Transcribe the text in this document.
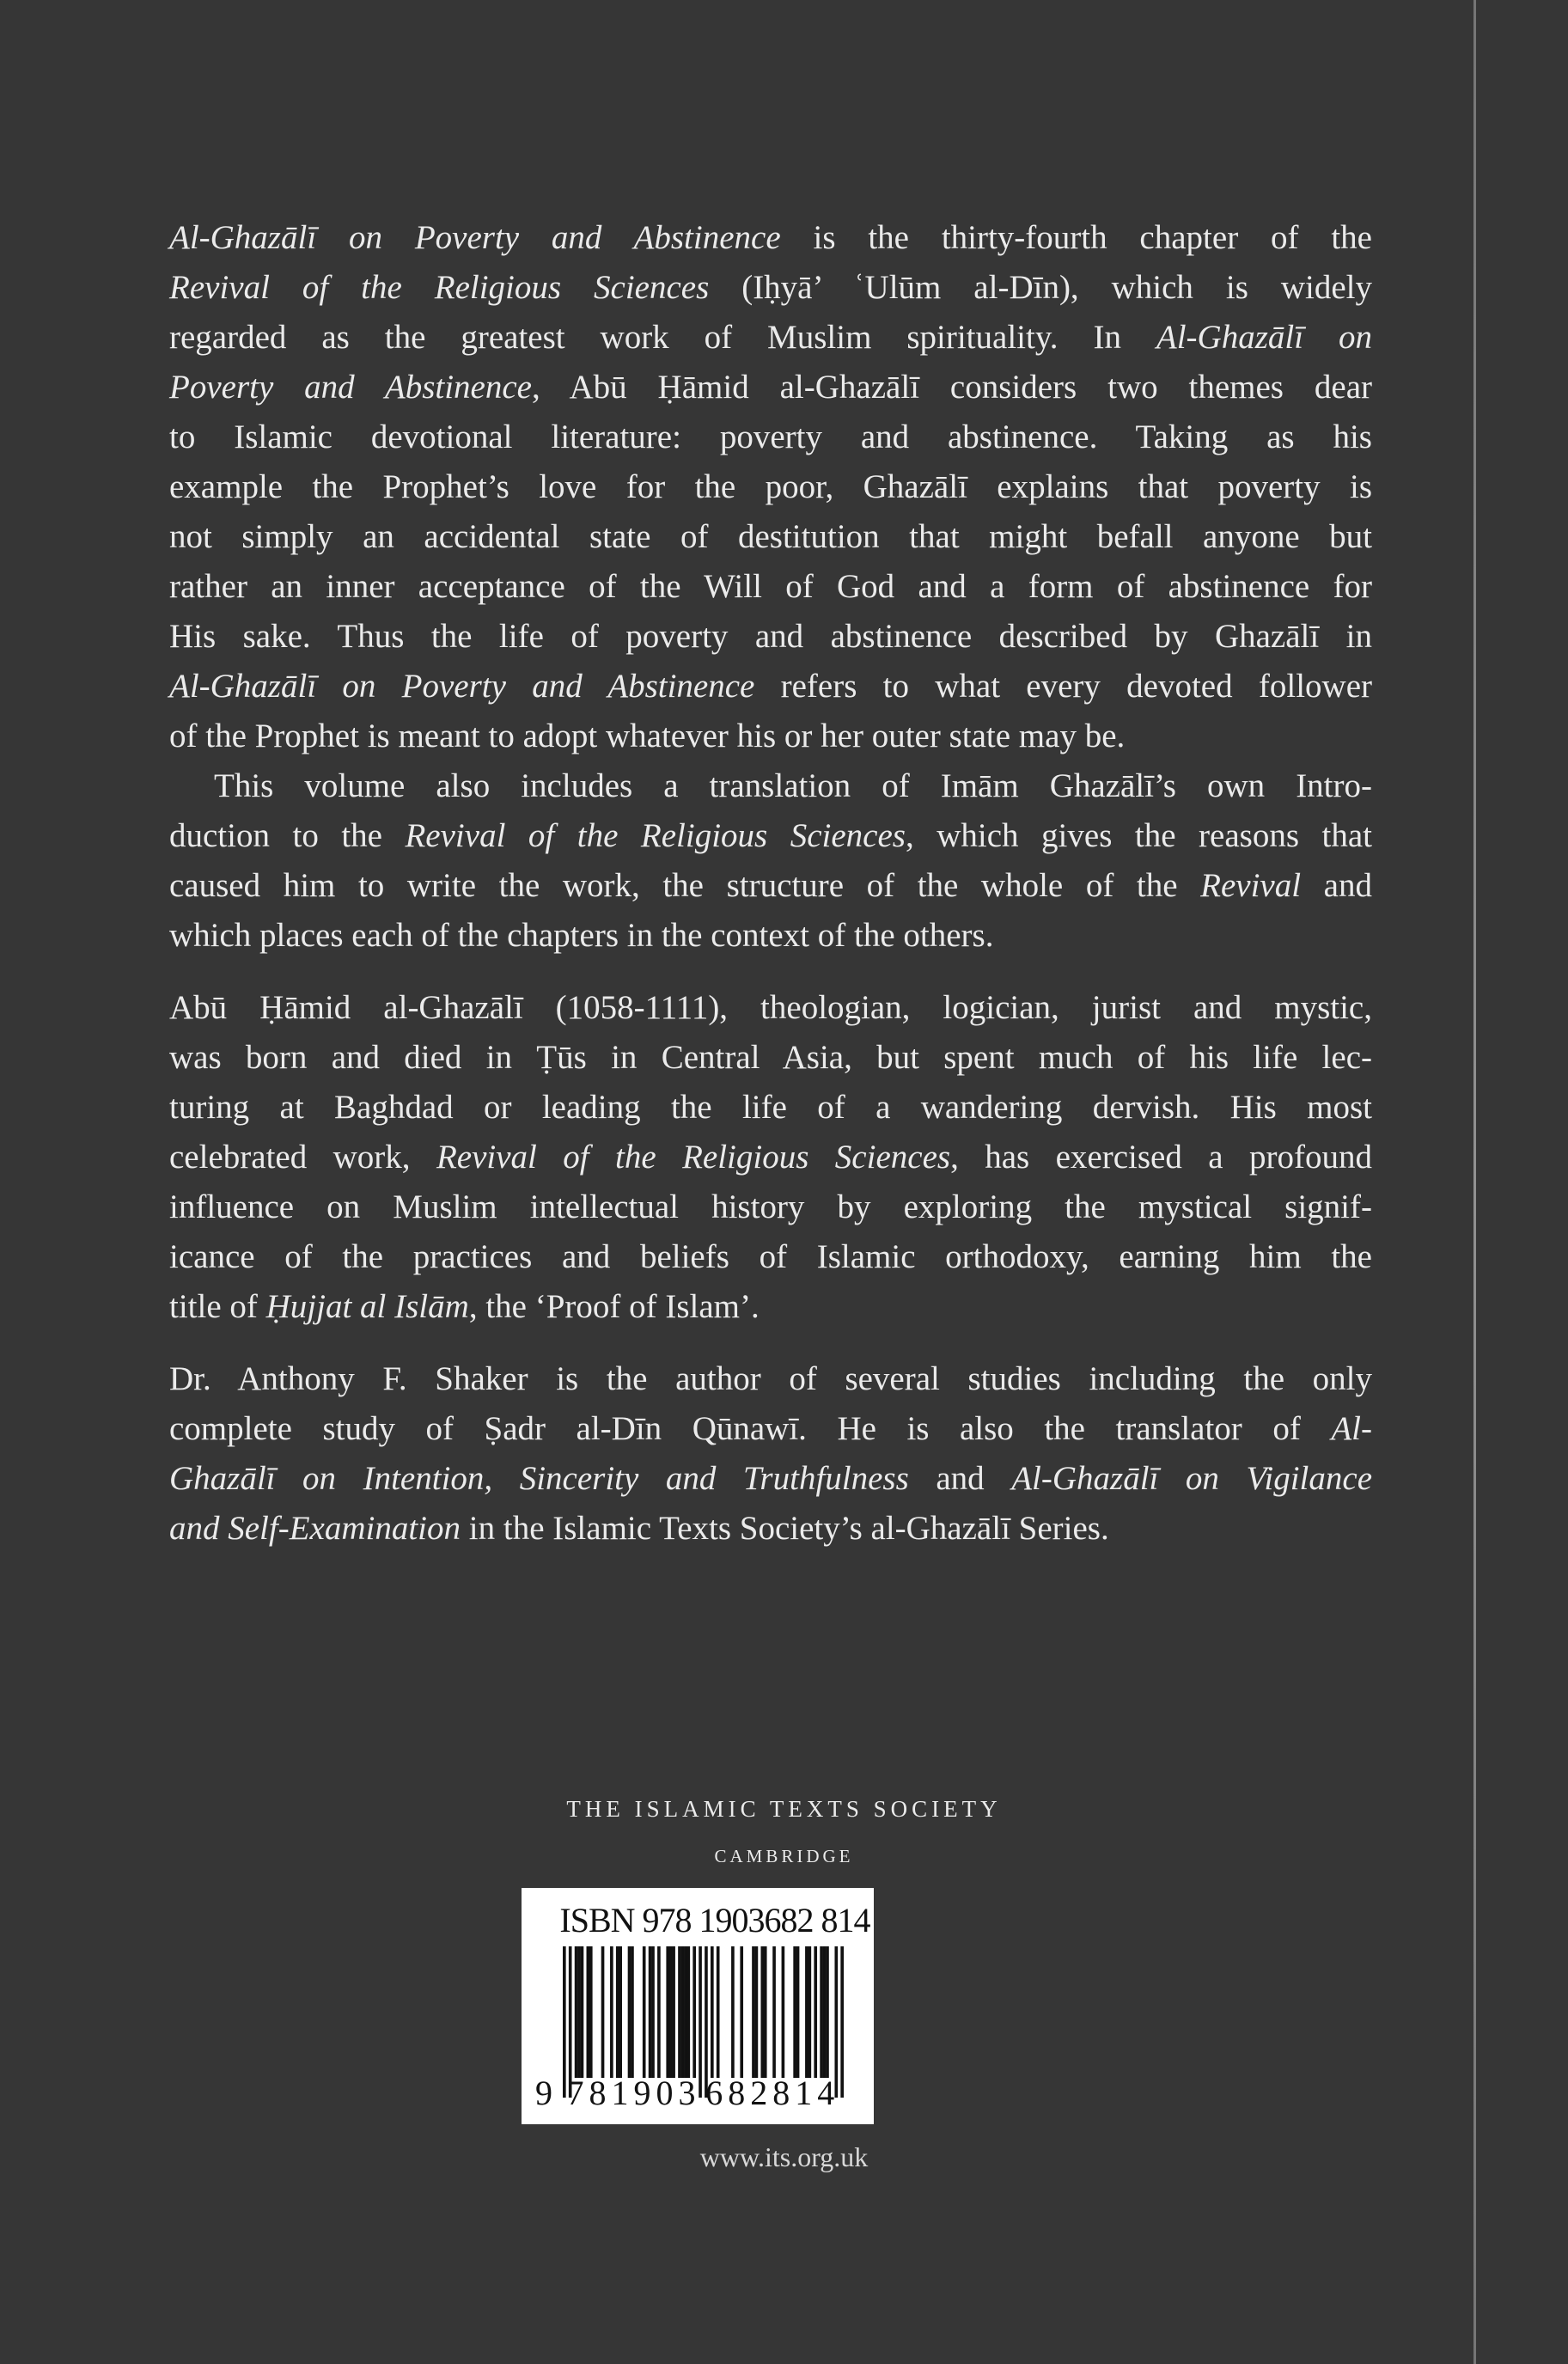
Al-Ghazālī on Poverty and Abstinence is the thirty-fourth chapter of the
Revival of the Religious Sciences (Iḥyā’ ʿUlūm al-Dīn), which is widely
regarded as the greatest work of Muslim spirituality. In Al-Ghazālī on
Poverty and Abstinence, Abū Ḥāmid al-Ghazālī considers two themes dear
to Islamic devotional literature: poverty and abstinence. Taking as his
example the Prophet’s love for the poor, Ghazālī explains that poverty is
not simply an accidental state of destitution that might befall anyone but
rather an inner acceptance of the Will of God and a form of abstinence for
His sake. Thus the life of poverty and abstinence described by Ghazālī in
Al-Ghazālī on Poverty and Abstinence refers to what every devoted follower
of the Prophet is meant to adopt whatever his or her outer state may be.
This volume also includes a translation of Imām Ghazālī’s own Intro-
duction to the Revival of the Religious Sciences, which gives the reasons that
caused him to write the work, the structure of the whole of the Revival and
which places each of the chapters in the context of the others.
Abū Ḥāmid al-Ghazālī (1058-1111), theologian, logician, jurist and mystic,
was born and died in Ṭūs in Central Asia, but spent much of his life lec-
turing at Baghdad or leading the life of a wandering dervish. His most
celebrated work, Revival of the Religious Sciences, has exercised a profound
influence on Muslim intellectual history by exploring the mystical signif-
icance of the practices and beliefs of Islamic orthodoxy, earning him the
title of Ḥujjat al Islām, the ‘Proof of Islam’.
Dr. Anthony F. Shaker is the author of several studies including the only
complete study of Ṣadr al-Dīn Qūnawī. He is also the translator of Al-
Ghazālī on Intention, Sincerity and Truthfulness and Al-Ghazālī on Vigilance
and Self-Examination in the Islamic Texts Society’s al-Ghazālī Series.
THE ISLAMIC TEXTS SOCIETY
CAMBRIDGE
ISBN 978 1903682 814
9 781903 682814
www.its.org.uk
